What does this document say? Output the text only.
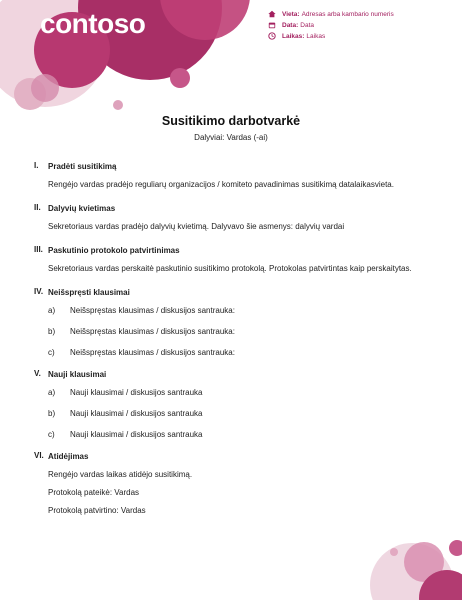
contoso	Vieta: Adresas arba kambario numeris
Data: Data
Laikas: Laikas
Susitikimo darbotvarkė
Dalyviai: Vardas (-ai)
I.	Pradėti susitikimą
Rengėjo vardas pradėjo reguliarų organizacijos / komiteto pavadinimas susitikimą datalaikasvieta.
II. Dalyvių kvietimas
Sekretoriaus vardas pradėjo dalyvių kvietimą. Dalyvavo šie asmenys: dalyvių vardai
III. Paskutinio protokolo patvirtinimas
Sekretoriaus vardas perskaitė paskutinio susitikimo protokolą. Protokolas patvirtintas kaip perskaitytas.
IV. Neišspręsti klausimai
a) Neišspręstas klausimas / diskusijos santrauka:
b) Neišspręstas klausimas / diskusijos santrauka:
c) Neišspręstas klausimas / diskusijos santrauka:
V. Nauji klausimai
a) Nauji klausimai / diskusijos santrauka
b) Nauji klausimai / diskusijos santrauka
c) Nauji klausimai / diskusijos santrauka
VI. Atidėjimas
Rengėjo vardas laikas atidėjo susitikimą.
Protokolą pateikė: Vardas
Protokolą patvirtino: Vardas
